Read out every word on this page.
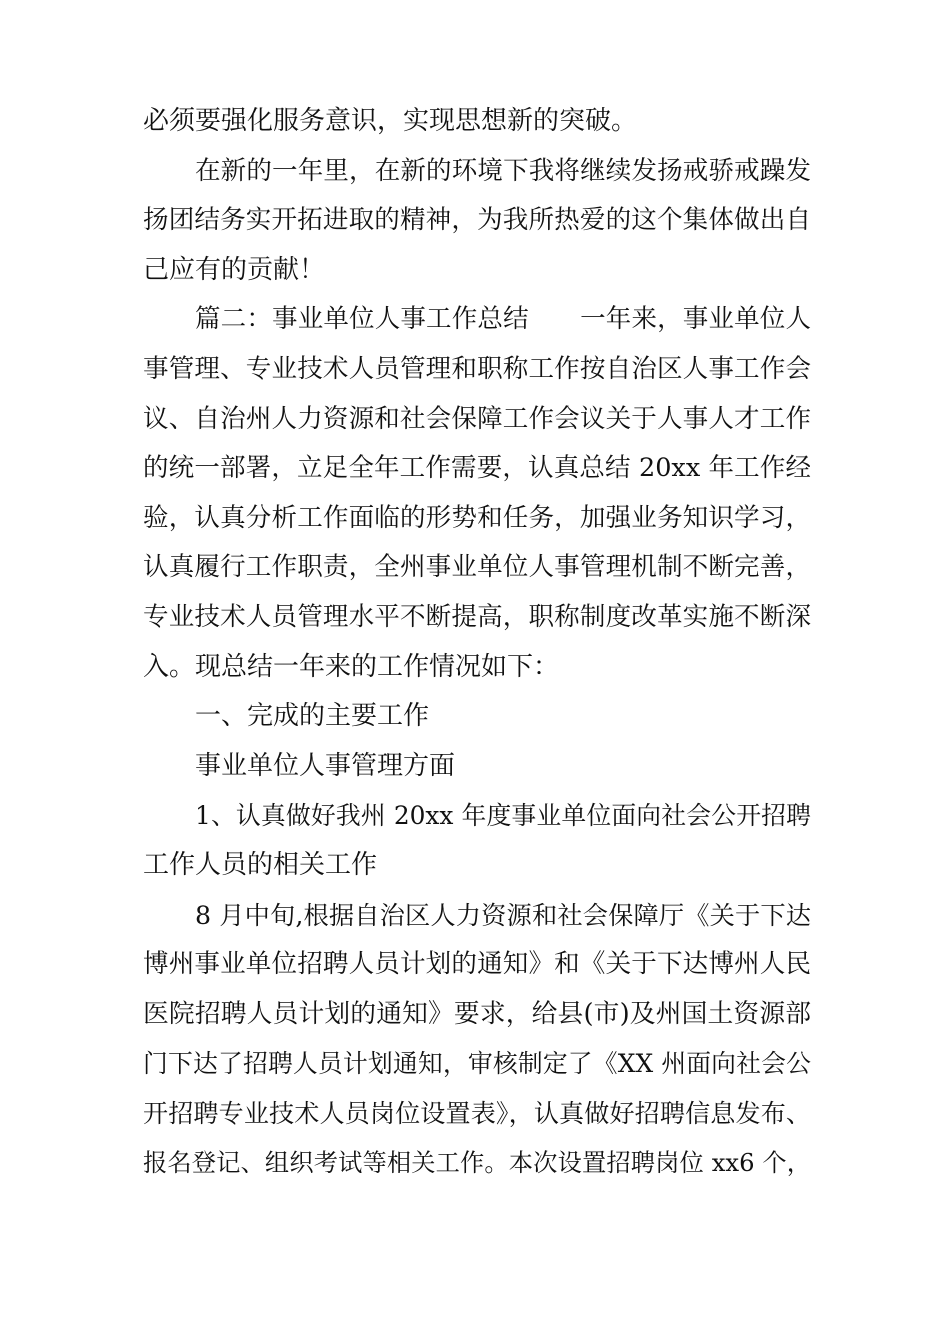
必须要强化服务意识，实现思想新的突破。
在新的一年里，在新的环境下我将继续发扬戒骄戒躁发
扬团结务实开拓进取的精神，为我所热爱的这个集体做出自
己应有的贡献！
篇二：事业单位人事工作总结　　一年来，事业单位人
事管理、专业技术人员管理和职称工作按自治区人事工作会
议、自治州人力资源和社会保障工作会议关于人事人才工作
的统一部署，立足全年工作需要，认真总结 20xx 年工作经
验，认真分析工作面临的形势和任务，加强业务知识学习，
认真履行工作职责，全州事业单位人事管理机制不断完善，
专业技术人员管理水平不断提高，职称制度改革实施不断深
入。现总结一年来的工作情况如下：
一、完成的主要工作
事业单位人事管理方面
1、认真做好我州 20xx 年度事业单位面向社会公开招聘
工作人员的相关工作
8 月中旬,根据自治区人力资源和社会保障厅《关于下达
博州事业单位招聘人员计划的通知》和《关于下达博州人民
医院招聘人员计划的通知》要求，给县(市)及州国土资源部
门下达了招聘人员计划通知，审核制定了《XX 州面向社会公
开招聘专业技术人员岗位设置表》，认真做好招聘信息发布、
报名登记、组织考试等相关工作。本次设置招聘岗位 xx6 个，
